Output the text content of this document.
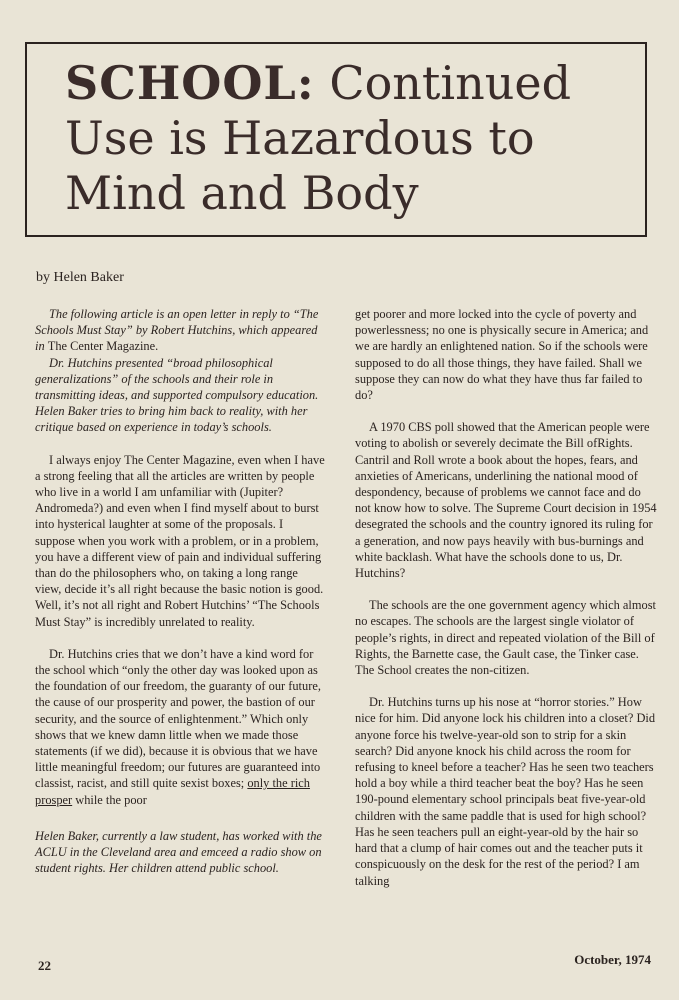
SCHOOL: Continued
Use is Hazardous to
Mind and Body
by Helen Baker

The following article is an open letter in reply to “The Schools Must Stay” by Robert Hutchins, which appeared in The Center Magazine.

Dr. Hutchins presented “broad philosophical generalizations” of the schools and their role in transmitting ideas, and supported compulsory education. Helen Baker tries to bring him back to reality, with her critique based on experience in today’s schools.

I always enjoy The Center Magazine, even when I have a strong feeling that all the articles are written by people who live in a world I am unfamiliar with (Jupiter? Andromeda?) and even when I find myself about to burst into hysterical laughter at some of the proposals. I suppose when you work with a problem, or in a problem, you have a different view of pain and individual suffering than do the philosophers who, on taking a long range view, decide it’s all right because the basic notion is good. Well, it’s not all right and Robert Hutchins’ “The Schools Must Stay” is incredibly unrelated to reality.

Dr. Hutchins cries that we don’t have a kind word for the school which “only the other day was looked upon as the foundation of our freedom, the guaranty of our future, the cause of our prosperity and power, the bastion of our security, and the source of enlightenment.” Which only shows that we knew damn little when we made those statements (if we did), because it is obvious that we have little meaningful freedom; our futures are guaranteed into classist, racist, and still quite sexist boxes; only the rich prosper while the poor

Helen Baker, currently a law student, has worked with the ACLU in the Cleveland area and emceed a radio show on student rights. Her children attend public school.

get poorer and more locked into the cycle of poverty and powerlessness; no one is physically secure in America; and we are hardly an enlightened nation. So if the schools were supposed to do all those things, they have failed. Shall we suppose they can now do what they have thus far failed to do?

A 1970 CBS poll showed that the American people were voting to abolish or severely decimate the Bill ofRights. Cantril and Roll wrote a book about the hopes, fears, and anxieties of Americans, underlining the national mood of despondency, because of problems we cannot face and do not know how to solve. The Supreme Court decision in 1954 desegrated the schools and the country ignored its ruling for a generation, and now pays heavily with bus-burnings and white backlash. What have the schools done to us, Dr. Hutchins?

The schools are the one government agency which almost no escapes. The schools are the largest single violator of people’s rights, in direct and repeated violation of the Bill of Rights, the Barnette case, the Gault case, the Tinker case. The School creates the non-citizen.

Dr. Hutchins turns up his nose at “horror stories.” How nice for him. Did anyone lock his children into a closet? Did anyone force his twelve-year-old son to strip for a skin search? Did anyone knock his child across the room for refusing to kneel before a teacher? Has he seen two teachers hold a boy while a third teacher beat the boy? Has he seen 190-pound elementary school principals beat five-year-old children with the same paddle that is used for high school? Has he seen teachers pull an eight-year-old by the hair so hard that a clump of hair comes out and the teacher puts it conspicuously on the desk for the rest of the period? I am talking

22	October, 1974
